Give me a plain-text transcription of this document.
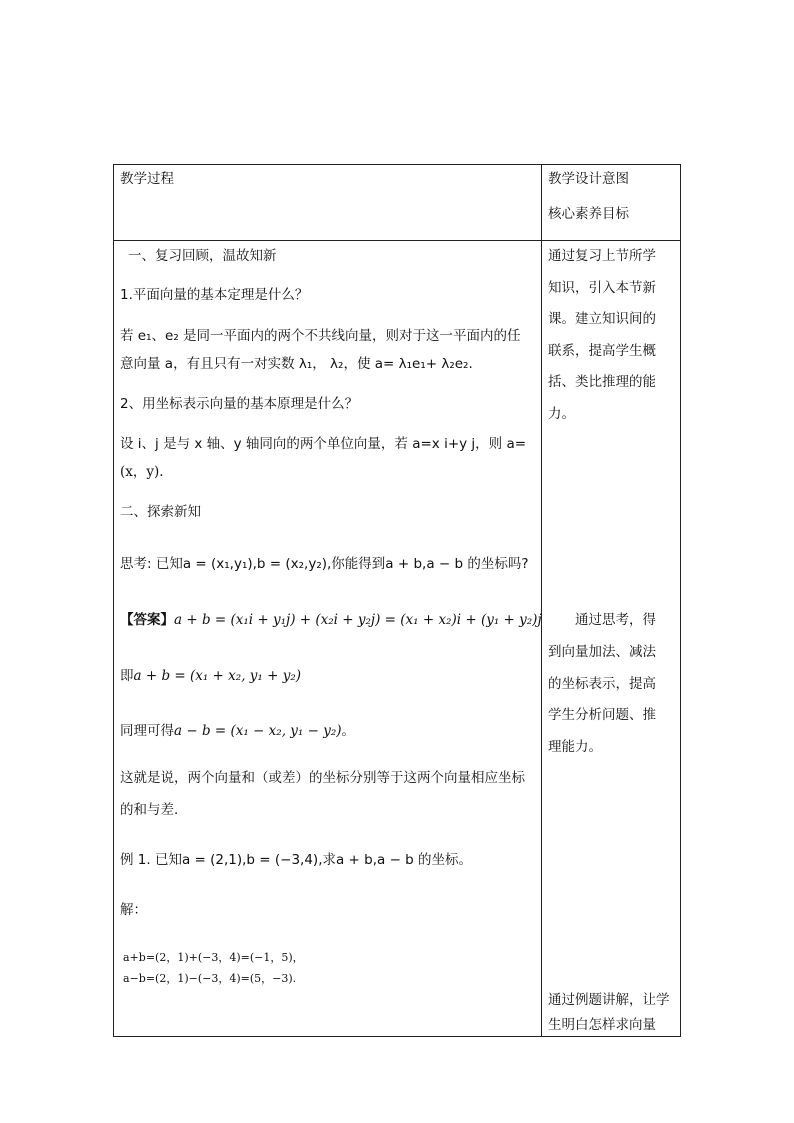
教学过程	教学设计意图
核心素养目标
一、复习回顾，温故知新
1.平面向量的基本定理是什么？
若 e₁、e₂ 是同一平面内的两个不共线向量，则对于这一平面内的任
意向量 a，有且只有一对实数 λ₁， λ₂，使 a= λ₁e₁+ λ₂e₂.
2、用坐标表示向量的基本原理是什么？
设 i、j 是与 x 轴、y 轴同向的两个单位向量，若 a=x i+y j，则 a=
(x，y).
二、探索新知
思考: 已知a = (x₁,y₁),b = (x₂,y₂),你能得到a + b,a − b 的坐标吗?
【答案】a + b = (x₁i + y₁j) + (x₂i + y₂j) = (x₁ + x₂)i + (y₁ + y₂)j
即a + b = (x₁ + x₂, y₁ + y₂)
同理可得a − b = (x₁ − x₂, y₁ − y₂)。
这就是说，两个向量和（或差）的坐标分别等于这两个向量相应坐标
的和与差.
例 1. 已知a = (2,1),b = (−3,4),求a + b,a − b 的坐标。
解：
a+b=(2，1)+(−3，4)=(−1，5)，
a−b=(2，1)−(−3，4)=(5，−3).
通过复习上节所学
知识，引入本节新
课。建立知识间的
联系，提高学生概
括、类比推理的能
力。
通过思考，得
到向量加法、减法
的坐标表示，提高
学生分析问题、推
理能力。
通过例题讲解，让学
生明白怎样求向量
